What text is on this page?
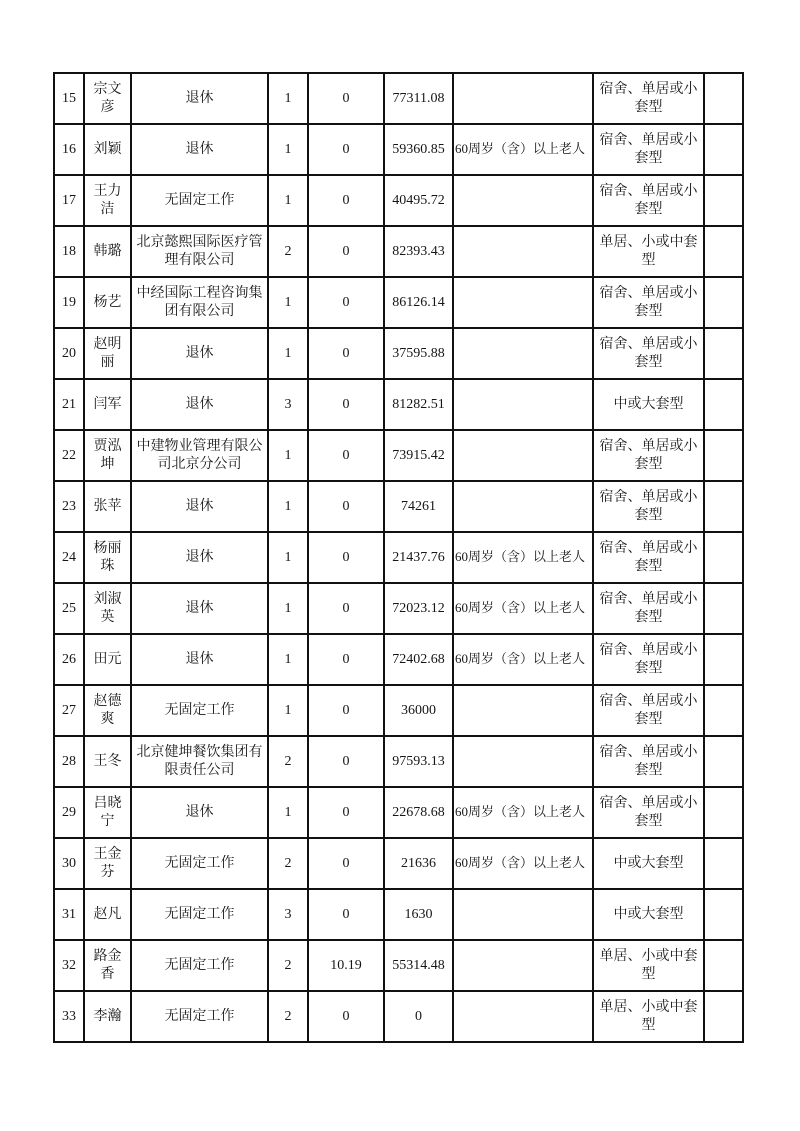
15	宗文彦	退休	1	0	77311.08		宿舍、单居或小套型	
16	刘颖	退休	1	0	59360.85	60周岁（含）以上老人	宿舍、单居或小套型	
17	王力洁	无固定工作	1	0	40495.72		宿舍、单居或小套型	
18	韩璐	北京懿熙国际医疗管理有限公司	2	0	82393.43		单居、小或中套型	
19	杨艺	中经国际工程咨询集团有限公司	1	0	86126.14		宿舍、单居或小套型	
20	赵明丽	退休	1	0	37595.88		宿舍、单居或小套型	
21	闫军	退休	3	0	81282.51		中或大套型	
22	贾泓坤	中建物业管理有限公司北京分公司	1	0	73915.42		宿舍、单居或小套型	
23	张苹	退休	1	0	74261		宿舍、单居或小套型	
24	杨丽珠	退休	1	0	21437.76	60周岁（含）以上老人	宿舍、单居或小套型	
25	刘淑英	退休	1	0	72023.12	60周岁（含）以上老人	宿舍、单居或小套型	
26	田元	退休	1	0	72402.68	60周岁（含）以上老人	宿舍、单居或小套型	
27	赵德爽	无固定工作	1	0	36000		宿舍、单居或小套型	
28	王冬	北京健坤餐饮集团有限责任公司	2	0	97593.13		宿舍、单居或小套型	
29	吕晓宁	退休	1	0	22678.68	60周岁（含）以上老人	宿舍、单居或小套型	
30	王金芬	无固定工作	2	0	21636	60周岁（含）以上老人	中或大套型	
31	赵凡	无固定工作	3	0	1630		中或大套型	
32	路金香	无固定工作	2	10.19	55314.48		单居、小或中套型	
33	李瀚	无固定工作	2	0	0		单居、小或中套型	
